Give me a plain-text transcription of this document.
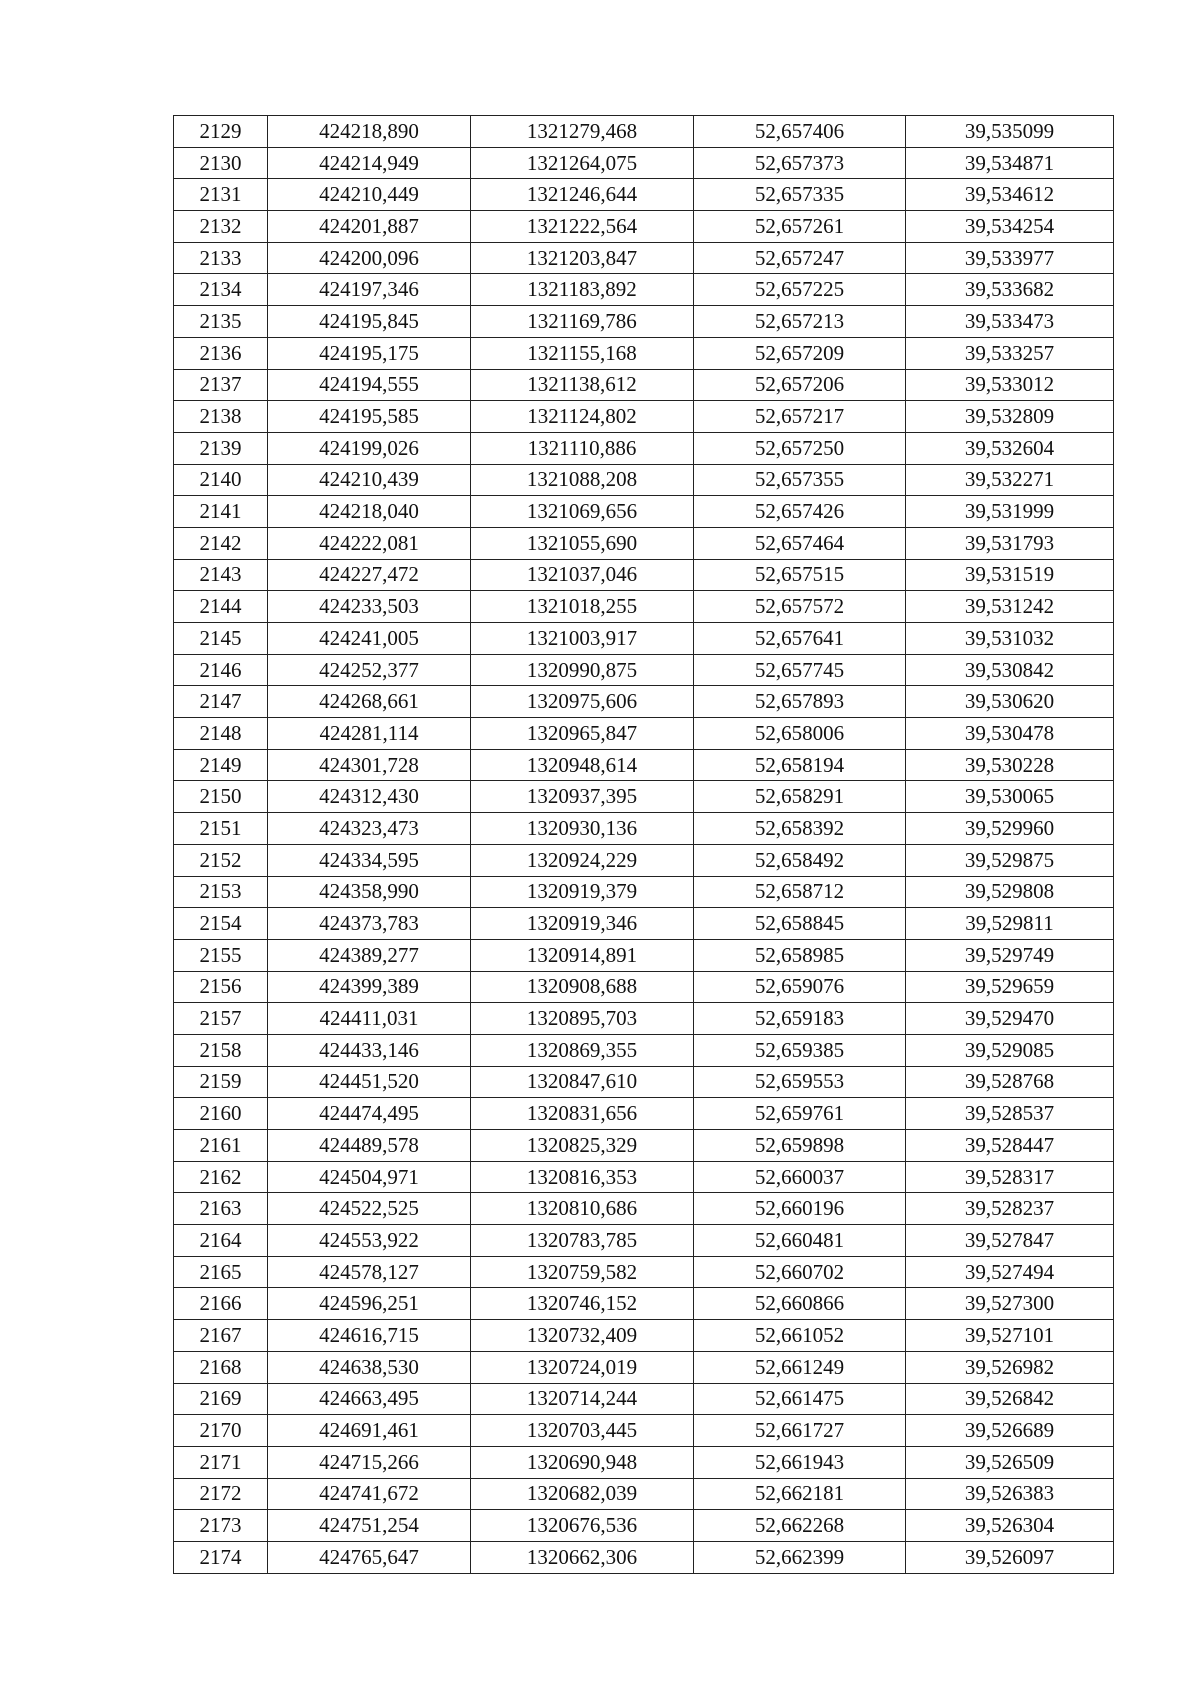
2129	424218,890	1321279,468	52,657406	39,535099
2130	424214,949	1321264,075	52,657373	39,534871
2131	424210,449	1321246,644	52,657335	39,534612
2132	424201,887	1321222,564	52,657261	39,534254
2133	424200,096	1321203,847	52,657247	39,533977
2134	424197,346	1321183,892	52,657225	39,533682
2135	424195,845	1321169,786	52,657213	39,533473
2136	424195,175	1321155,168	52,657209	39,533257
2137	424194,555	1321138,612	52,657206	39,533012
2138	424195,585	1321124,802	52,657217	39,532809
2139	424199,026	1321110,886	52,657250	39,532604
2140	424210,439	1321088,208	52,657355	39,532271
2141	424218,040	1321069,656	52,657426	39,531999
2142	424222,081	1321055,690	52,657464	39,531793
2143	424227,472	1321037,046	52,657515	39,531519
2144	424233,503	1321018,255	52,657572	39,531242
2145	424241,005	1321003,917	52,657641	39,531032
2146	424252,377	1320990,875	52,657745	39,530842
2147	424268,661	1320975,606	52,657893	39,530620
2148	424281,114	1320965,847	52,658006	39,530478
2149	424301,728	1320948,614	52,658194	39,530228
2150	424312,430	1320937,395	52,658291	39,530065
2151	424323,473	1320930,136	52,658392	39,529960
2152	424334,595	1320924,229	52,658492	39,529875
2153	424358,990	1320919,379	52,658712	39,529808
2154	424373,783	1320919,346	52,658845	39,529811
2155	424389,277	1320914,891	52,658985	39,529749
2156	424399,389	1320908,688	52,659076	39,529659
2157	424411,031	1320895,703	52,659183	39,529470
2158	424433,146	1320869,355	52,659385	39,529085
2159	424451,520	1320847,610	52,659553	39,528768
2160	424474,495	1320831,656	52,659761	39,528537
2161	424489,578	1320825,329	52,659898	39,528447
2162	424504,971	1320816,353	52,660037	39,528317
2163	424522,525	1320810,686	52,660196	39,528237
2164	424553,922	1320783,785	52,660481	39,527847
2165	424578,127	1320759,582	52,660702	39,527494
2166	424596,251	1320746,152	52,660866	39,527300
2167	424616,715	1320732,409	52,661052	39,527101
2168	424638,530	1320724,019	52,661249	39,526982
2169	424663,495	1320714,244	52,661475	39,526842
2170	424691,461	1320703,445	52,661727	39,526689
2171	424715,266	1320690,948	52,661943	39,526509
2172	424741,672	1320682,039	52,662181	39,526383
2173	424751,254	1320676,536	52,662268	39,526304
2174	424765,647	1320662,306	52,662399	39,526097
